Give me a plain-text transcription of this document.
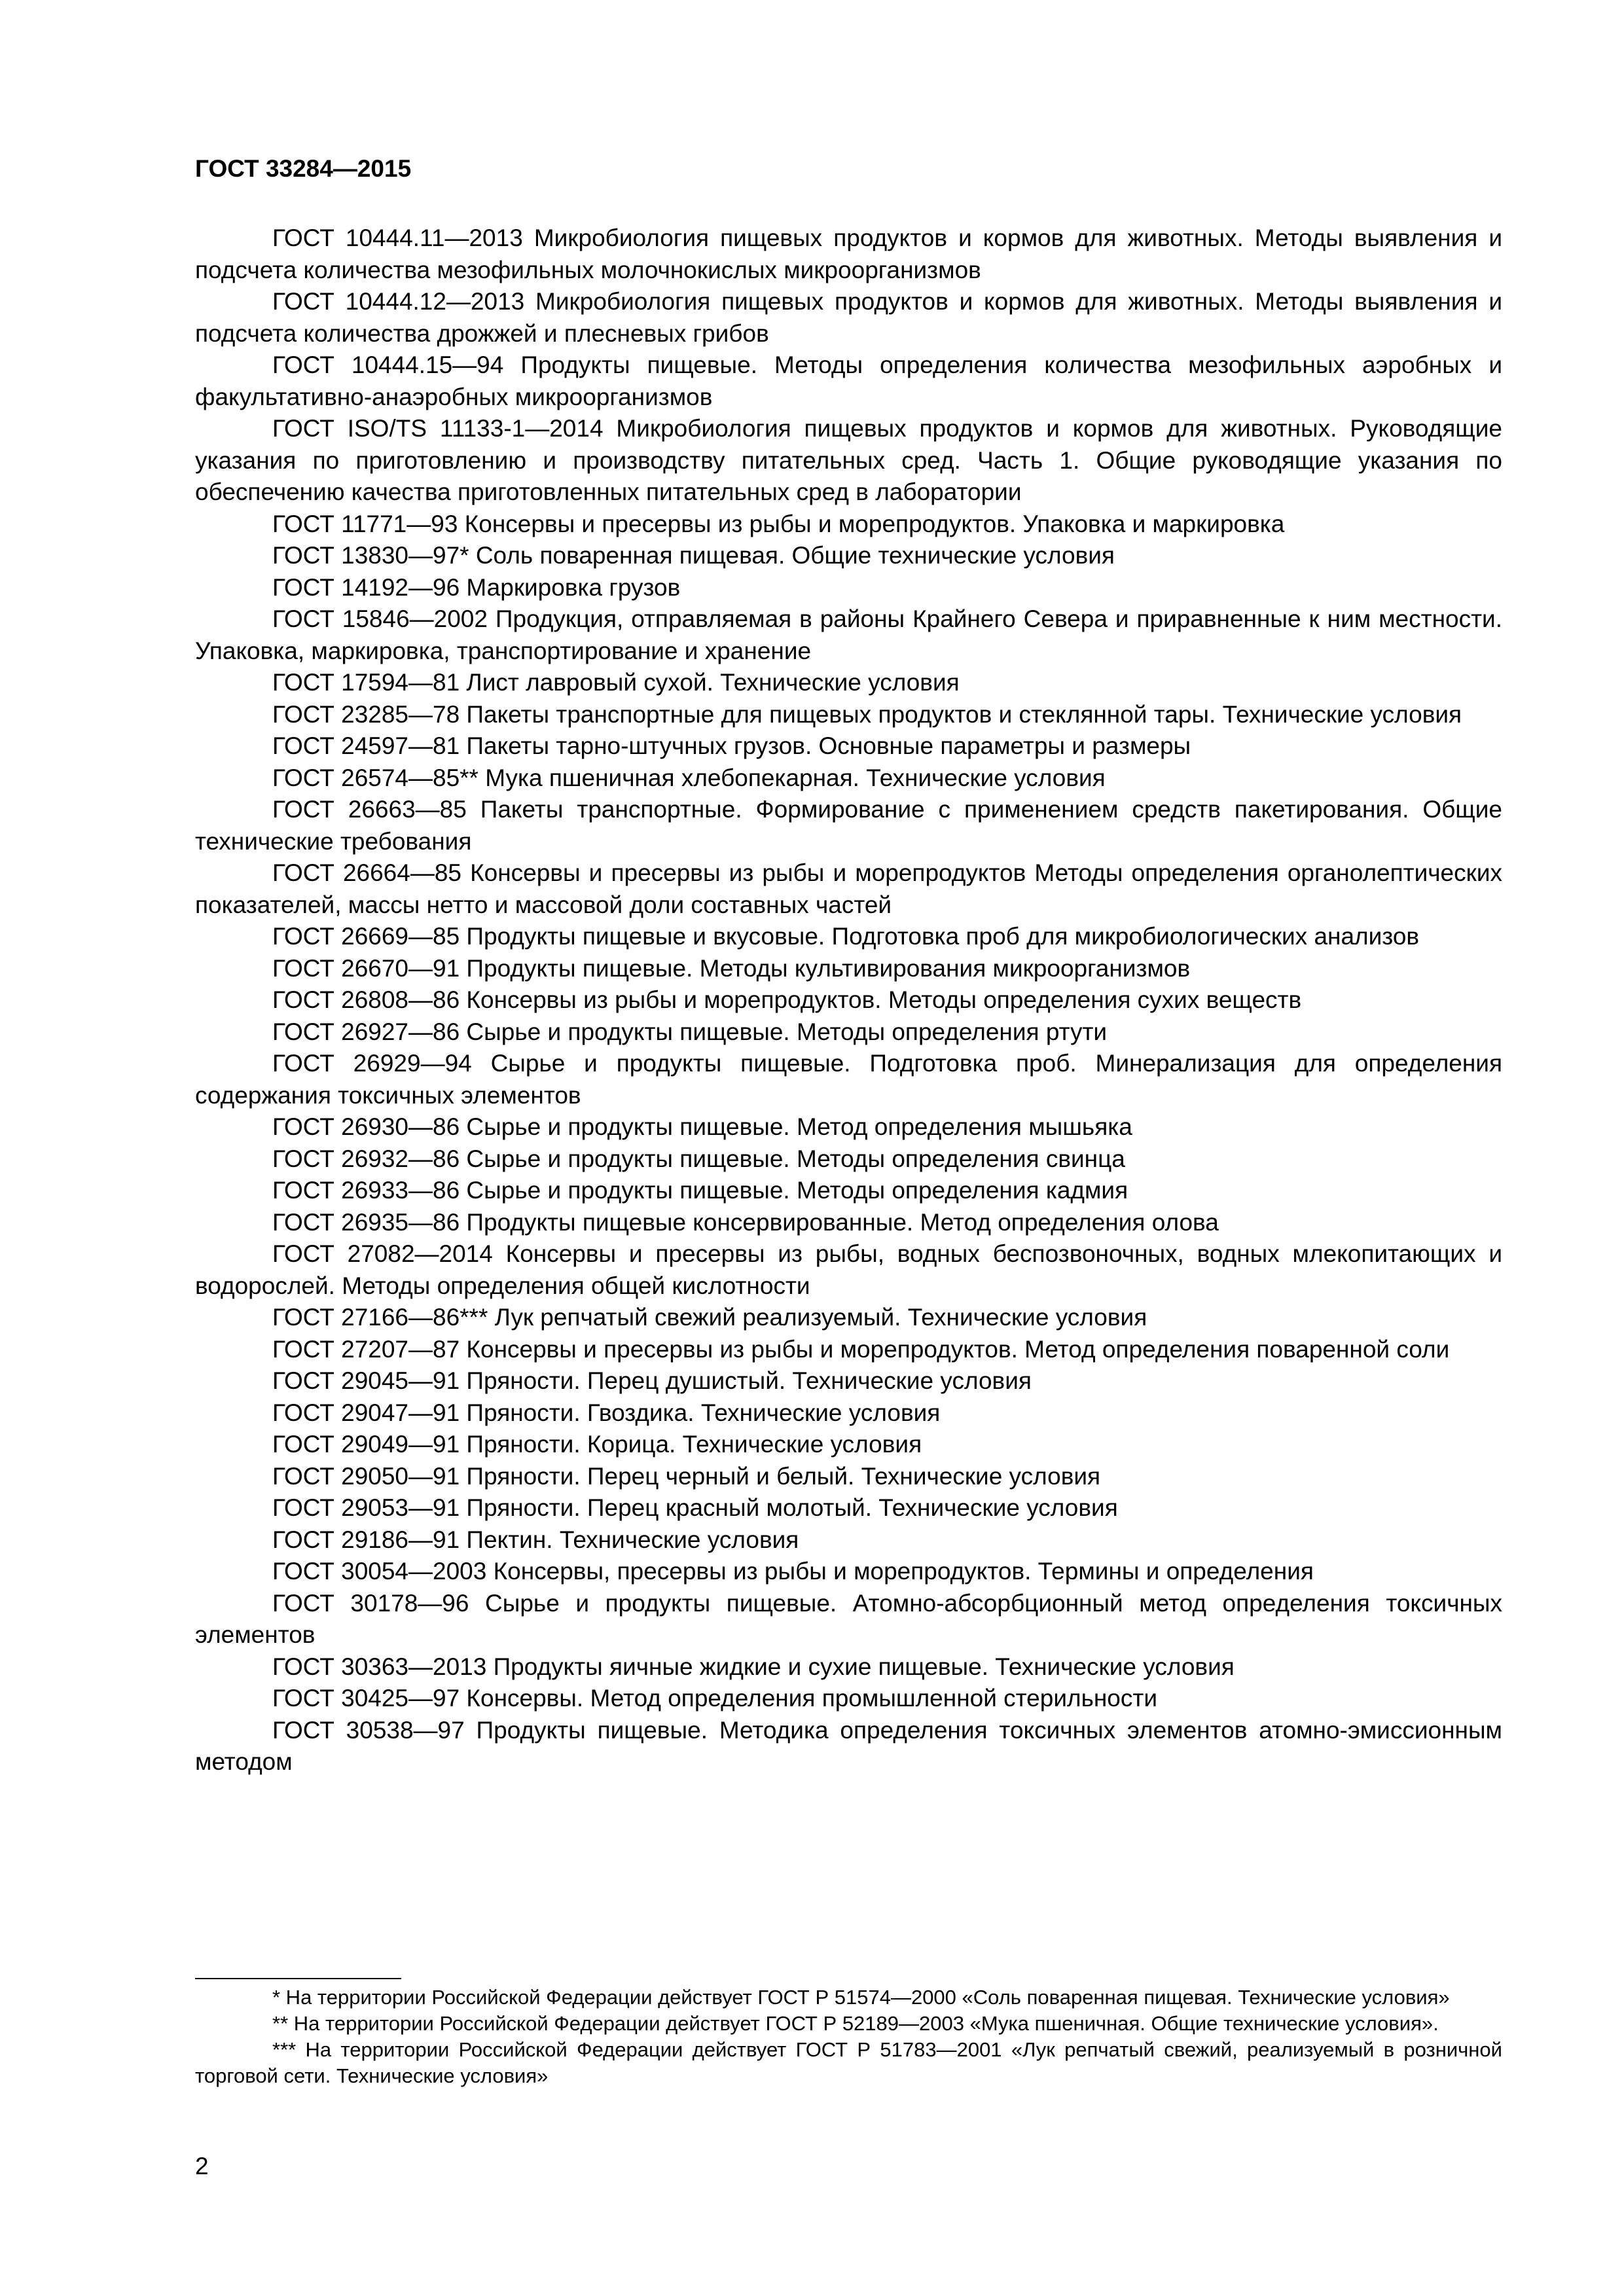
ГОСТ 33284—2015

ГОСТ 10444.11—2013 Микробиология пищевых продуктов и кормов для животных. Методы выявления и подсчета количества мезофильных молочнокислых микроорганизмов

ГОСТ 10444.12—2013 Микробиология пищевых продуктов и кормов для животных. Методы выявления и подсчета количества дрожжей и плесневых грибов

ГОСТ 10444.15—94 Продукты пищевые. Методы определения количества мезофильных аэробных и факультативно-анаэробных микроорганизмов

ГОСТ ISO/TS 11133-1—2014 Микробиология пищевых продуктов и кормов для животных. Руководящие указания по приготовлению и производству питательных сред. Часть 1. Общие руководящие указания по обеспечению качества приготовленных питательных сред в лаборатории

ГОСТ 11771—93 Консервы и пресервы из рыбы и морепродуктов. Упаковка и маркировка

ГОСТ 13830—97* Соль поваренная пищевая. Общие технические условия

ГОСТ 14192—96 Маркировка грузов

ГОСТ 15846—2002 Продукция, отправляемая в районы Крайнего Севера и приравненные к ним местности. Упаковка, маркировка, транспортирование и хранение

ГОСТ 17594—81 Лист лавровый сухой. Технические условия

ГОСТ 23285—78 Пакеты транспортные для пищевых продуктов и стеклянной тары. Технические условия

ГОСТ 24597—81 Пакеты тарно-штучных грузов. Основные параметры и размеры

ГОСТ 26574—85** Мука пшеничная хлебопекарная. Технические условия

ГОСТ 26663—85 Пакеты транспортные. Формирование с применением средств пакетирования. Общие технические требования

ГОСТ 26664—85 Консервы и пресервы из рыбы и морепродуктов Методы определения органолептических показателей, массы нетто и массовой доли составных частей

ГОСТ 26669—85 Продукты пищевые и вкусовые. Подготовка проб для микробиологических анализов

ГОСТ 26670—91 Продукты пищевые. Методы культивирования микроорганизмов

ГОСТ 26808—86 Консервы из рыбы и морепродуктов. Методы определения сухих веществ

ГОСТ 26927—86 Сырье и продукты пищевые. Методы определения ртути

ГОСТ 26929—94 Сырье и продукты пищевые. Подготовка проб. Минерализация для определения содержания токсичных элементов

ГОСТ 26930—86 Сырье и продукты пищевые. Метод определения мышьяка

ГОСТ 26932—86 Сырье и продукты пищевые. Методы определения свинца

ГОСТ 26933—86 Сырье и продукты пищевые. Методы определения кадмия

ГОСТ 26935—86 Продукты пищевые консервированные. Метод определения олова

ГОСТ 27082—2014 Консервы и пресервы из рыбы, водных беспозвоночных, водных млекопитающих и водорослей. Методы определения общей кислотности

ГОСТ 27166—86*** Лук репчатый свежий реализуемый. Технические условия

ГОСТ 27207—87 Консервы и пресервы из рыбы и морепродуктов. Метод определения поваренной соли

ГОСТ 29045—91 Пряности. Перец душистый. Технические условия

ГОСТ 29047—91 Пряности. Гвоздика. Технические условия

ГОСТ 29049—91 Пряности. Корица. Технические условия

ГОСТ 29050—91 Пряности. Перец черный и белый. Технические условия

ГОСТ 29053—91 Пряности. Перец красный молотый. Технические условия

ГОСТ 29186—91 Пектин. Технические условия

ГОСТ 30054—2003 Консервы, пресервы из рыбы и морепродуктов. Термины и определения

ГОСТ 30178—96 Сырье и продукты пищевые. Атомно-абсорбционный метод определения токсичных элементов

ГОСТ 30363—2013 Продукты яичные жидкие и сухие пищевые. Технические условия

ГОСТ 30425—97 Консервы. Метод определения промышленной стерильности

ГОСТ 30538—97 Продукты пищевые. Методика определения токсичных элементов атомно-эмиссионным методом

* На территории Российской Федерации действует ГОСТ Р 51574—2000 «Соль поваренная пищевая. Технические условия»

** На территории Российской Федерации действует ГОСТ Р 52189—2003 «Мука пшеничная. Общие технические условия».

*** На территории Российской Федерации действует ГОСТ Р 51783—2001 «Лук репчатый свежий, реализуемый в розничной торговой сети. Технические условия»

2
